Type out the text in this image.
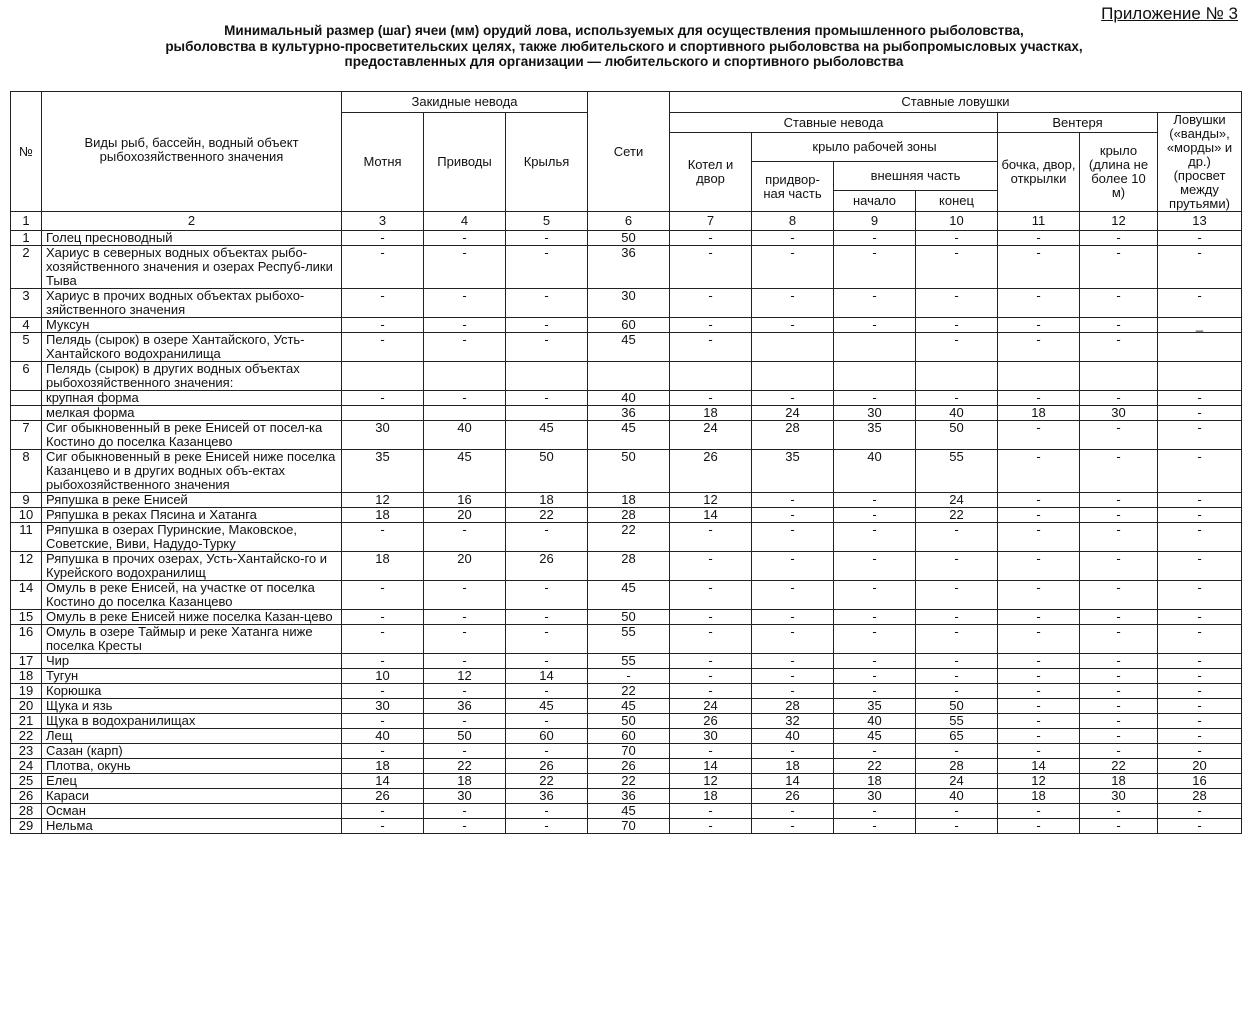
Приложение № 3
Минимальный размер (шаг) ячеи (мм) орудий лова, используемых для осуществления промышленного рыболовства,
рыболовства в культурно-просветительских целях, также любительского и спортивного рыболовства на рыбопромысловых участках,
предоставленных для организации — любительского и спортивного рыболовства
№	Виды рыб, бассейн, водный объект рыбохозяйственного значения	Закидные невода			Сети	Ставные ловушки						
		Мотня	Приводы	Крылья		Ставные невода				Вентеря		Ловушки («ванды», «морды» и др.) (просвет между прутьями)
						Котел и двор	крыло рабочей зоны			бочка, двор, открылки	крыло (длина не более 10 м)	
							придвор-ная часть	внешняя часть				
								начало	конец			
1	2	3	4	5	6	7	8	9	10	11	12	13
1	Голец пресноводный	-	-	-	50	-	-	-	-	-	-	-
2	Хариус в северных водных объектах рыбо-хозяйственного значения и озерах Респуб-лики Тыва	-	-	-	36	-	-	-	-	-	-	-
3	Хариус в прочих водных объектах рыбохо-зяйственного значения	-	-	-	30	-	-	-	-	-	-	-
4	Муксун	-	-	-	60	-	-	-	-	-	-	_
5	Пелядь (сырок) в озере Хантайского, Усть-Хантайского водохранилища	-	-	-	45	-			-	-	-	
6	Пелядь (сырок) в других водных объектах рыбохозяйственного значения:											
	крупная форма	-	-	-	40	-	-	-	-	-	-	-
	мелкая форма				36	18	24	30	40	18	30	-
7	Сиг обыкновенный в реке Енисей от посел-ка Костино до поселка Казанцево	30	40	45	45	24	28	35	50	-	-	-
8	Сиг обыкновенный в реке Енисей ниже поселка Казанцево и в других водных объ-ектах рыбохозяйственного значения	35	45	50	50	26	35	40	55	-	-	-
9	Ряпушка в реке Енисей	12	16	18	18	12	-	-	24	-	-	-
10	Ряпушка в реках Пясина и Хатанга	18	20	22	28	14	-	-	22	-	-	-
11	Ряпушка в озерах Пуринские, Маковское, Советские, Виви, Надудо-Турку	-	-	-	22	-	-	-	-	-	-	-
12	Ряпушка в прочих озерах, Усть-Хантайско-го и Курейского водохранилищ	18	20	26	28	-	-	-	-	-	-	-
14	Омуль в реке Енисей, на участке от поселка Костино до поселка Казанцево	-	-	-	45	-	-	-	-	-	-	-
15	Омуль в реке Енисей ниже поселка Казан-цево	-	-	-	50	-	-	-	-	-	-	-
16	Омуль в озере Таймыр и реке Хатанга ниже поселка Кресты	-	-	-	55	-	-	-	-	-	-	-
17	Чир	-	-	-	55	-	-	-	-	-	-	-
18	Тугун	10	12	14	-	-	-	-	-	-	-	-
19	Корюшка	-	-	-	22	-	-	-	-	-	-	-
20	Щука и язь	30	36	45	45	24	28	35	50	-	-	-
21	Щука в водохранилищах	-	-	-	50	26	32	40	55	-	-	-
22	Лещ	40	50	60	60	30	40	45	65	-	-	-
23	Сазан (карп)	-	-	-	70	-	-	-	-	-	-	-
24	Плотва, окунь	18	22	26	26	14	18	22	28	14	22	20
25	Елец	14	18	22	22	12	14	18	24	12	18	16
26	Караси	26	30	36	36	18	26	30	40	18	30	28
28	Осман	-	-	-	45	-	-	-	-	-	-	-
29	Нельма	-	-	-	70	-	-	-	-	-	-	-
